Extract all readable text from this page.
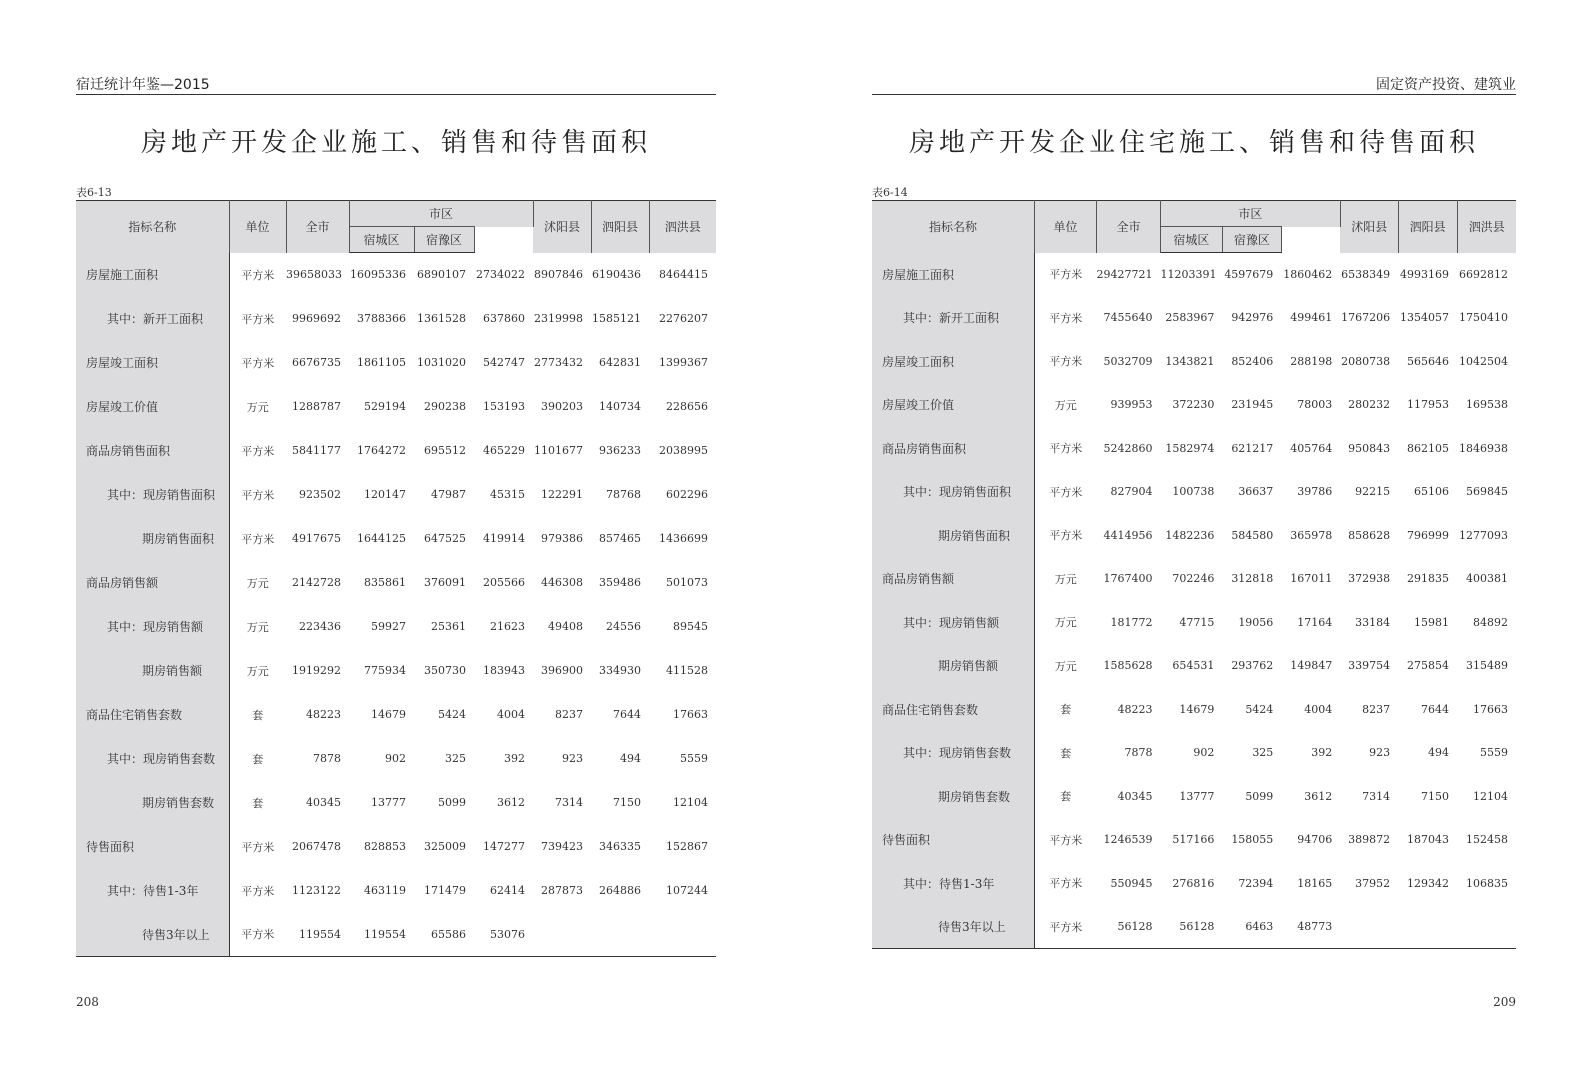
宿迁统计年鉴—2015
房地产开发企业施工、销售和待售面积
表6-13
指标名称	单位	全市	市区			沭阳县	泗阳县	泗洪县
			宿城区	宿豫区				
房屋施工面积	平方米	39658033	16095336	6890107	2734022	8907846	6190436	8464415
其中：新开工面积	平方米	9969692	3788366	1361528	637860	2319998	1585121	2276207
房屋竣工面积	平方米	6676735	1861105	1031020	542747	2773432	642831	1399367
房屋竣工价值	万元	1288787	529194	290238	153193	390203	140734	228656
商品房销售面积	平方米	5841177	1764272	695512	465229	1101677	936233	2038995
其中：现房销售面积	平方米	923502	120147	47987	45315	122291	78768	602296
期房销售面积	平方米	4917675	1644125	647525	419914	979386	857465	1436699
商品房销售额	万元	2142728	835861	376091	205566	446308	359486	501073
其中：现房销售额	万元	223436	59927	25361	21623	49408	24556	89545
期房销售额	万元	1919292	775934	350730	183943	396900	334930	411528
商品住宅销售套数	套	48223	14679	5424	4004	8237	7644	17663
其中：现房销售套数	套	7878	902	325	392	923	494	5559
期房销售套数	套	40345	13777	5099	3612	7314	7150	12104
待售面积	平方米	2067478	828853	325009	147277	739423	346335	152867
其中：待售1-3年	平方米	1123122	463119	171479	62414	287873	264886	107244
待售3年以上	平方米	119554	119554	65586	53076			
208
固定资产投资、建筑业
房地产开发企业住宅施工、销售和待售面积
表6-14
指标名称	单位	全市	市区			沭阳县	泗阳县	泗洪县
			宿城区	宿豫区				
房屋施工面积	平方米	29427721	11203391	4597679	1860462	6538349	4993169	6692812
其中：新开工面积	平方米	7455640	2583967	942976	499461	1767206	1354057	1750410
房屋竣工面积	平方米	5032709	1343821	852406	288198	2080738	565646	1042504
房屋竣工价值	万元	939953	372230	231945	78003	280232	117953	169538
商品房销售面积	平方米	5242860	1582974	621217	405764	950843	862105	1846938
其中：现房销售面积	平方米	827904	100738	36637	39786	92215	65106	569845
期房销售面积	平方米	4414956	1482236	584580	365978	858628	796999	1277093
商品房销售额	万元	1767400	702246	312818	167011	372938	291835	400381
其中：现房销售额	万元	181772	47715	19056	17164	33184	15981	84892
期房销售额	万元	1585628	654531	293762	149847	339754	275854	315489
商品住宅销售套数	套	48223	14679	5424	4004	8237	7644	17663
其中：现房销售套数	套	7878	902	325	392	923	494	5559
期房销售套数	套	40345	13777	5099	3612	7314	7150	12104
待售面积	平方米	1246539	517166	158055	94706	389872	187043	152458
其中：待售1-3年	平方米	550945	276816	72394	18165	37952	129342	106835
待售3年以上	平方米	56128	56128	6463	48773			
209
